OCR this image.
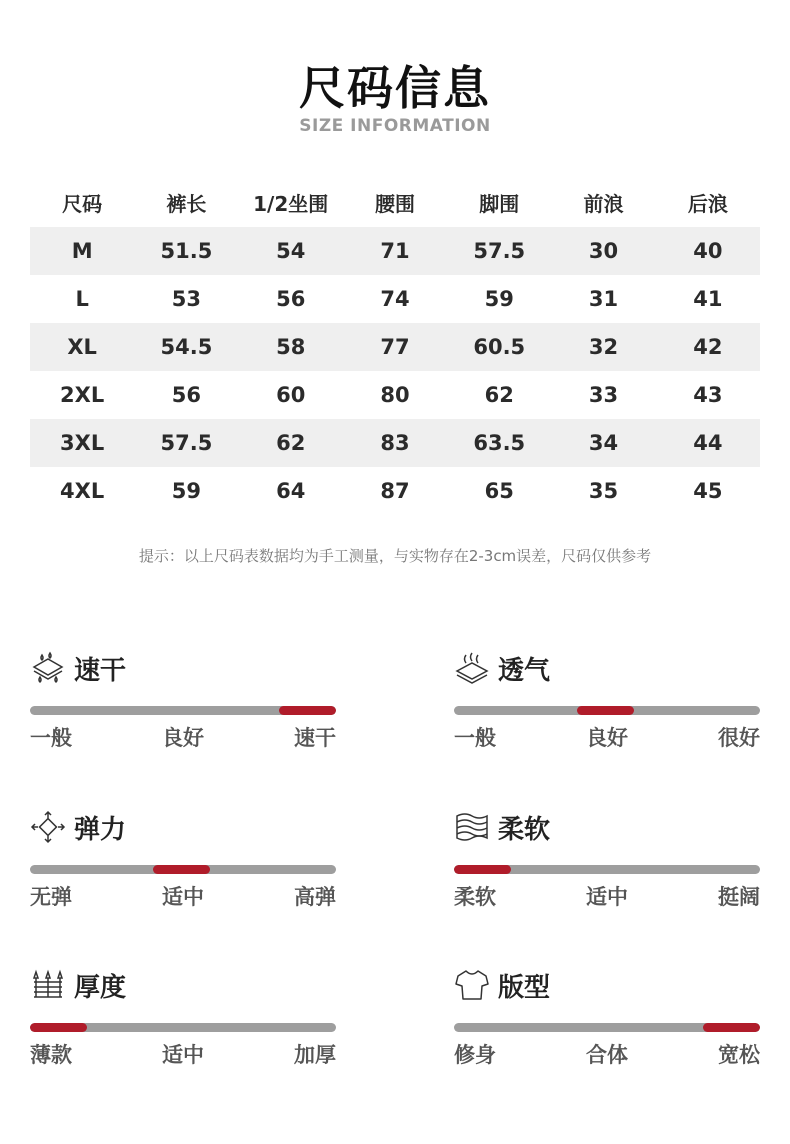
尺码信息
SIZE INFORMATION
尺码	裤长	1/2坐围	腰围	脚围	前浪	后浪
M	51.5	54	71	57.5	30	40
L	53	56	74	59	31	41
XL	54.5	58	77	60.5	32	42
2XL	56	60	80	62	33	43
3XL	57.5	62	83	63.5	34	44
4XL	59	64	87	65	35	45
提示：以上尺码表数据均为手工测量，与实物存在2-3cm误差，尺码仅供参考
速干
一般	良好	速干
透气
一般	良好	很好
弹力
无弹	适中	高弹
柔软
柔软	适中	挺阔
厚度
薄款	适中	加厚
版型
修身	合体	宽松
